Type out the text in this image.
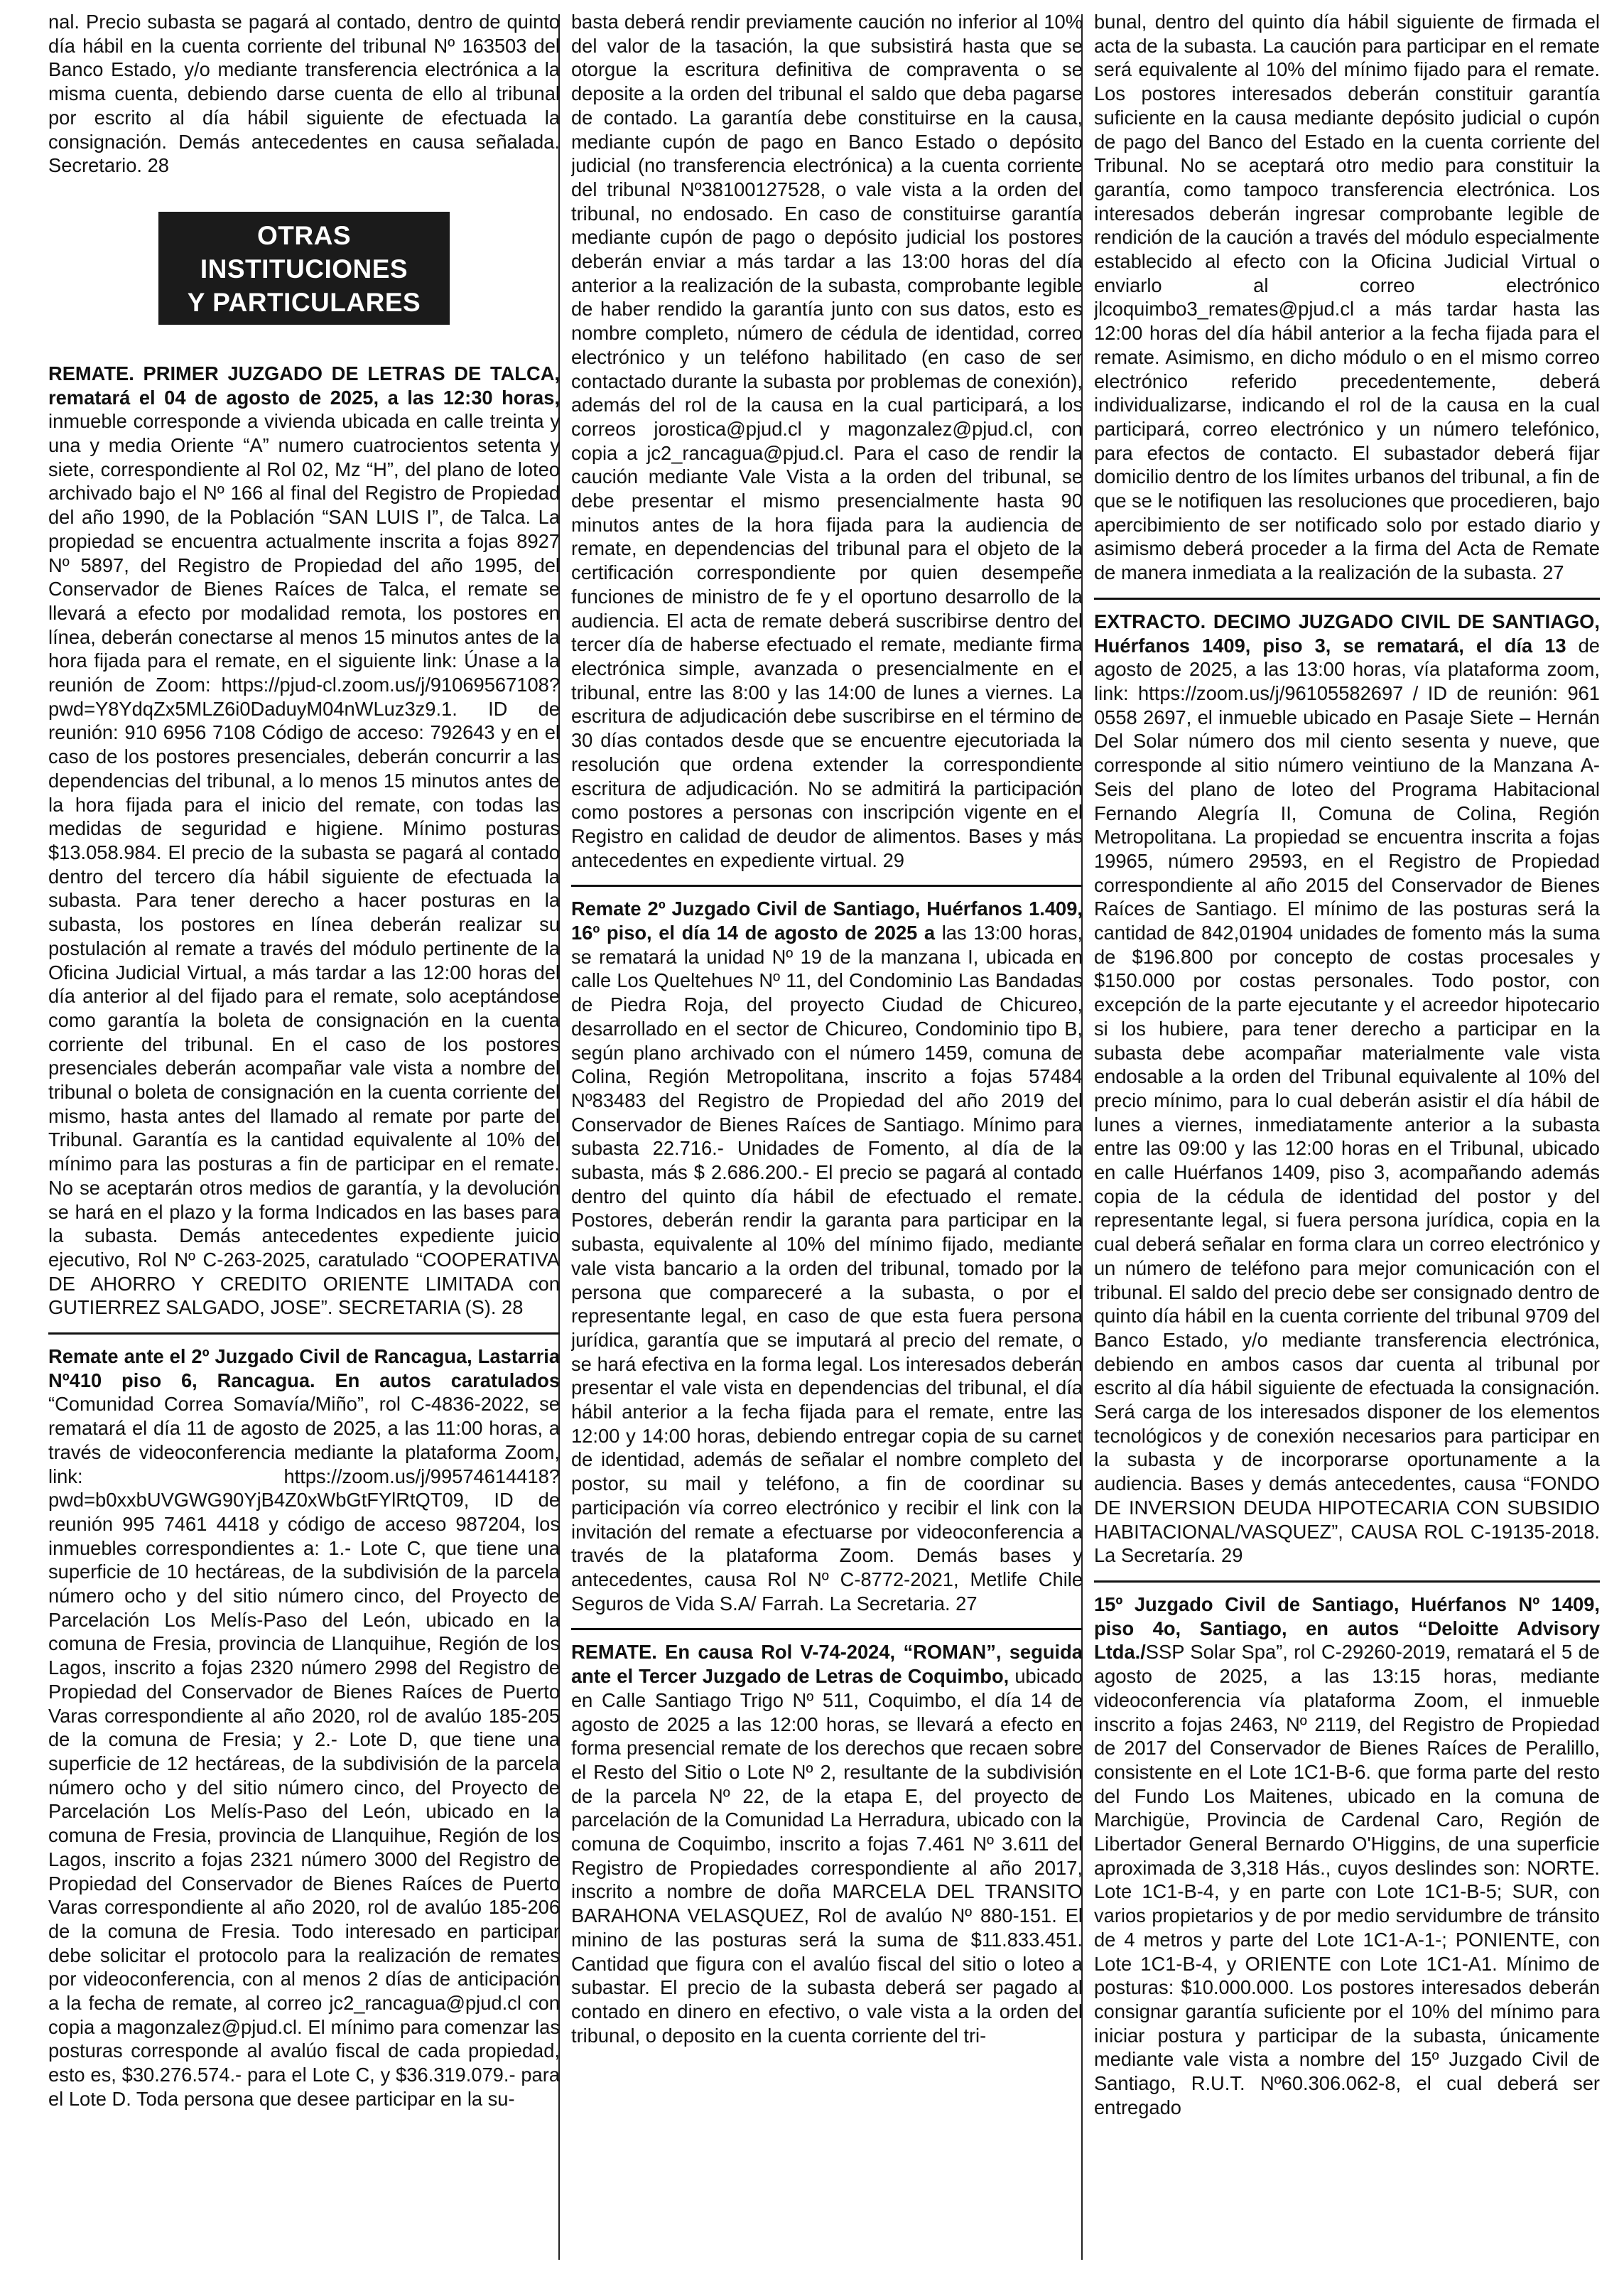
nal. Precio subasta se pagará al contado, dentro de quinto día hábil en la cuenta corriente del tribunal Nº 163503 del Banco Estado, y/o mediante transferencia electrónica a la misma cuenta, debiendo darse cuenta de ello al tribunal por escrito al día hábil siguiente de efectuada la consignación. Demás antecedentes en causa señalada. Secretario. 28

OTRAS INSTITUCIONES
Y PARTICULARES

REMATE. PRIMER JUZGADO DE LETRAS DE TALCA, rematará el 04 de agosto de 2025, a las 12:30 horas, inmueble corresponde a vivienda ubicada en calle treinta y una y media Oriente “A” numero cuatrocientos setenta y siete, correspondiente al Rol 02, Mz “H”, del plano de loteo archivado bajo el Nº 166 al final del Registro de Propiedad del año 1990, de la Población “SAN LUIS I”, de Talca. La propiedad se encuentra actualmente inscrita a fojas 8927 Nº 5897, del Registro de Propiedad del año 1995, del Conservador de Bienes Raíces de Talca, el remate se llevará a efecto por modalidad remota, los postores en línea, deberán conectarse al menos 15 minutos antes de la hora fijada para el remate, en el siguiente link: Únase a la reunión de Zoom: https://pjud-cl.zoom.us/j/91069567108?pwd=Y8YdqZx5MLZ6i0DaduyM04nWLuz3z9.1. ID de reunión: 910 6956 7108 Código de acceso: 792643 y en el caso de los postores presenciales, deberán concurrir a las dependencias del tribunal, a lo menos 15 minutos antes de la hora fijada para el inicio del remate, con todas las medidas de seguridad e higiene. Mínimo posturas $13.058.984. El precio de la subasta se pagará al contado dentro del tercero día hábil siguiente de efectuada la subasta. Para tener derecho a hacer posturas en la subasta, los postores en línea deberán realizar su postulación al remate a través del módulo pertinente de la Oficina Judicial Virtual, a más tardar a las 12:00 horas del día anterior al del fijado para el remate, solo aceptándose como garantía la boleta de consignación en la cuenta corriente del tribunal. En el caso de los postores presenciales deberán acompañar vale vista a nombre del tribunal o boleta de consignación en la cuenta corriente del mismo, hasta antes del llamado al remate por parte del Tribunal. Garantía es la cantidad equivalente al 10% del mínimo para las posturas a fin de participar en el remate. No se aceptarán otros medios de garantía, y la devolución se hará en el plazo y la forma Indicados en las bases para la subasta. Demás antecedentes expediente juicio ejecutivo, Rol Nº C-263-2025, caratulado “COOPERATIVA DE AHORRO Y CREDITO ORIENTE LIMITADA con GUTIERREZ SALGADO, JOSE”. SECRETARIA (S). 28

Remate ante el 2º Juzgado Civil de Rancagua, Lastarria Nº410 piso 6, Rancagua. En autos caratulados “Comunidad Correa Somavía/Miño”, rol C-4836-2022, se rematará el día 11 de agosto de 2025, a las 11:00 horas, a través de videoconferencia mediante la plataforma Zoom, link: https://zoom.us/j/99574614418?pwd=b0xxbUVGWG90YjB4Z0xWbGtFYlRtQT09, ID de reunión 995 7461 4418 y código de acceso 987204, los inmuebles correspondientes a: 1.- Lote C, que tiene una superficie de 10 hectáreas, de la subdivisión de la parcela número ocho y del sitio número cinco, del Proyecto de Parcelación Los Melís-Paso del León, ubicado en la comuna de Fresia, provincia de Llanquihue, Región de los Lagos, inscrito a fojas 2320 número 2998 del Registro de Propiedad del Conservador de Bienes Raíces de Puerto Varas correspondiente al año 2020, rol de avalúo 185-205 de la comuna de Fresia; y 2.- Lote D, que tiene una superficie de 12 hectáreas, de la subdivisión de la parcela número ocho y del sitio número cinco, del Proyecto de Parcelación Los Melís-Paso del León, ubicado en la comuna de Fresia, provincia de Llanquihue, Región de los Lagos, inscrito a fojas 2321 número 3000 del Registro de Propiedad del Conservador de Bienes Raíces de Puerto Varas correspondiente al año 2020, rol de avalúo 185-206 de la comuna de Fresia. Todo interesado en participar debe solicitar el protocolo para la realización de remates por videoconferencia, con al menos 2 días de anticipación a la fecha de remate, al correo jc2_rancagua@pjud.cl con copia a magonzalez@pjud.cl. El mínimo para comenzar las posturas corresponde al avalúo fiscal de cada propiedad, esto es, $30.276.574.- para el Lote C, y $36.319.079.- para el Lote D. Toda persona que desee participar en la su-

basta deberá rendir previamente caución no inferior al 10% del valor de la tasación, la que subsistirá hasta que se otorgue la escritura definitiva de compraventa o se deposite a la orden del tribunal el saldo que deba pagarse de contado. La garantía debe constituirse en la causa, mediante cupón de pago en Banco Estado o depósito judicial (no transferencia electrónica) a la cuenta corriente del tribunal Nº38100127528, o vale vista a la orden del tribunal, no endosado. En caso de constituirse garantía mediante cupón de pago o depósito judicial los postores deberán enviar a más tardar a las 13:00 horas del día anterior a la realización de la subasta, comprobante legible de haber rendido la garantía junto con sus datos, esto es nombre completo, número de cédula de identidad, correo electrónico y un teléfono habilitado (en caso de ser contactado durante la subasta por problemas de conexión), además del rol de la causa en la cual participará, a los correos jorostica@pjud.cl y magonzalez@pjud.cl, con copia a jc2_rancagua@pjud.cl. Para el caso de rendir la caución mediante Vale Vista a la orden del tribunal, se debe presentar el mismo presencialmente hasta 90 minutos antes de la hora fijada para la audiencia de remate, en dependencias del tribunal para el objeto de la certificación correspondiente por quien desempeñe funciones de ministro de fe y el oportuno desarrollo de la audiencia. El acta de remate deberá suscribirse dentro del tercer día de haberse efectuado el remate, mediante firma electrónica simple, avanzada o presencialmente en el tribunal, entre las 8:00 y las 14:00 de lunes a viernes. La escritura de adjudicación debe suscribirse en el término de 30 días contados desde que se encuentre ejecutoriada la resolución que ordena extender la correspondiente escritura de adjudicación. No se admitirá la participación como postores a personas con inscripción vigente en el Registro en calidad de deudor de alimentos. Bases y más antecedentes en expediente virtual. 29

Remate 2º Juzgado Civil de Santiago, Huérfanos 1.409, 16º piso, el día 14 de agosto de 2025 a las 13:00 horas, se rematará la unidad Nº 19 de la manzana I, ubicada en calle Los Queltehues Nº 11, del Condominio Las Bandadas de Piedra Roja, del proyecto Ciudad de Chicureo, desarrollado en el sector de Chicureo, Condominio tipo B, según plano archivado con el número 1459, comuna de Colina, Región Metropolitana, inscrito a fojas 57484 Nº83483 del Registro de Propiedad del año 2019 del Conservador de Bienes Raíces de Santiago. Mínimo para subasta 22.716.- Unidades de Fomento, al día de la subasta, más $ 2.686.200.- El precio se pagará al contado dentro del quinto día hábil de efectuado el remate. Postores, deberán rendir la garanta para participar en la subasta, equivalente al 10% del mínimo fijado, mediante vale vista bancario a la orden del tribunal, tomado por la persona que compareceré a la subasta, o por el representante legal, en caso de que esta fuera persona jurídica, garantía que se imputará al precio del remate, o se hará efectiva en la forma legal. Los interesados deberán presentar el vale vista en dependencias del tribunal, el día hábil anterior a la fecha fijada para el remate, entre las 12:00 y 14:00 horas, debiendo entregar copia de su carnet de identidad, además de señalar el nombre completo del postor, su mail y teléfono, a fin de coordinar su participación vía correo electrónico y recibir el link con la invitación del remate a efectuarse por videoconferencia a través de la plataforma Zoom. Demás bases y antecedentes, causa Rol Nº C-8772-2021, Metlife Chile Seguros de Vida S.A/ Farrah. La Secretaria. 27

REMATE. En causa Rol V-74-2024, “ROMAN”, seguida ante el Tercer Juzgado de Letras de Coquimbo, ubicado en Calle Santiago Trigo Nº 511, Coquimbo, el día 14 de agosto de 2025 a las 12:00 horas, se llevará a efecto en forma presencial remate de los derechos que recaen sobre el Resto del Sitio o Lote Nº 2, resultante de la subdivisión de la parcela Nº 22, de la etapa E, del proyecto de parcelación de la Comunidad La Herradura, ubicado con la comuna de Coquimbo, inscrito a fojas 7.461 Nº 3.611 del Registro de Propiedades correspondiente al año 2017, inscrito a nombre de doña MARCELA DEL TRANSITO BARAHONA VELASQUEZ, Rol de avalúo Nº 880-151. El minino de las posturas será la suma de $11.833.451. Cantidad que figura con el avalúo fiscal del sitio o loteo a subastar. El precio de la subasta deberá ser pagado al contado en dinero en efectivo, o vale vista a la orden del tribunal, o deposito en la cuenta corriente del tri-

bunal, dentro del quinto día hábil siguiente de firmada el acta de la subasta. La caución para participar en el remate será equivalente al 10% del mínimo fijado para el remate. Los postores interesados deberán constituir garantía suficiente en la causa mediante depósito judicial o cupón de pago del Banco del Estado en la cuenta corriente del Tribunal. No se aceptará otro medio para constituir la garantía, como tampoco transferencia electrónica. Los interesados deberán ingresar comprobante legible de rendición de la caución a través del módulo especialmente establecido al efecto con la Oficina Judicial Virtual o enviarlo al correo electrónico jlcoquimbo3_remates@pjud.cl a más tardar hasta las 12:00 horas del día hábil anterior a la fecha fijada para el remate. Asimismo, en dicho módulo o en el mismo correo electrónico referido precedentemente, deberá individualizarse, indicando el rol de la causa en la cual participará, correo electrónico y un número telefónico, para efectos de contacto. El subastador deberá fijar domicilio dentro de los límites urbanos del tribunal, a fin de que se le notifiquen las resoluciones que procedieren, bajo apercibimiento de ser notificado solo por estado diario y asimismo deberá proceder a la firma del Acta de Remate de manera inmediata a la realización de la subasta. 27

EXTRACTO. DECIMO JUZGADO CIVIL DE SANTIAGO, Huérfanos 1409, piso 3, se rematará, el día 13 de agosto de 2025, a las 13:00 horas, vía plataforma zoom, link: https://zoom.us/j/96105582697 / ID de reunión: 961 0558 2697, el inmueble ubicado en Pasaje Siete – Hernán Del Solar número dos mil ciento sesenta y nueve, que corresponde al sitio número veintiuno de la Manzana A-Seis del plano de loteo del Programa Habitacional Fernando Alegría II, Comuna de Colina, Región Metropolitana. La propiedad se encuentra inscrita a fojas 19965, número 29593, en el Registro de Propiedad correspondiente al año 2015 del Conservador de Bienes Raíces de Santiago. El mínimo de las posturas será la cantidad de 842,01904 unidades de fomento más la suma de $196.800 por concepto de costas procesales y $150.000 por costas personales. Todo postor, con excepción de la parte ejecutante y el acreedor hipotecario si los hubiere, para tener derecho a participar en la subasta debe acompañar materialmente vale vista endosable a la orden del Tribunal equivalente al 10% del precio mínimo, para lo cual deberán asistir el día hábil de lunes a viernes, inmediatamente anterior a la subasta entre las 09:00 y las 12:00 horas en el Tribunal, ubicado en calle Huérfanos 1409, piso 3, acompañando además copia de la cédula de identidad del postor y del representante legal, si fuera persona jurídica, copia en la cual deberá señalar en forma clara un correo electrónico y un número de teléfono para mejor comunicación con el tribunal. El saldo del precio debe ser consignado dentro de quinto día hábil en la cuenta corriente del tribunal 9709 del Banco Estado, y/o mediante transferencia electrónica, debiendo en ambos casos dar cuenta al tribunal por escrito al día hábil siguiente de efectuada la consignación. Será carga de los interesados disponer de los elementos tecnológicos y de conexión necesarios para participar en la subasta y de incorporarse oportunamente a la audiencia. Bases y demás antecedentes, causa “FONDO DE INVERSION DEUDA HIPOTECARIA CON SUBSIDIO HABITACIONAL/VASQUEZ”, CAUSA ROL C-19135-2018. La Secretaría. 29

15º Juzgado Civil de Santiago, Huérfanos Nº 1409, piso 4o, Santiago, en autos “Deloitte Advisory Ltda./SSP Solar Spa”, rol C-29260-2019, rematará el 5 de agosto de 2025, a las 13:15 horas, mediante videoconferencia vía plataforma Zoom, el inmueble inscrito a fojas 2463, Nº 2119, del Registro de Propiedad de 2017 del Conservador de Bienes Raíces de Peralillo, consistente en el Lote 1C1-B-6. que forma parte del resto del Fundo Los Maitenes, ubicado en la comuna de Marchigüe, Provincia de Cardenal Caro, Región de Libertador General Bernardo O'Higgins, de una superficie aproximada de 3,318 Hás., cuyos deslindes son: NORTE. Lote 1C1-B-4, y en parte con Lote 1C1-B-5; SUR, con varios propietarios y de por medio servidumbre de tránsito de 4 metros y parte del Lote 1C1-A-1-; PONIENTE, con Lote 1C1-B-4, y ORIENTE con Lote 1C1-A1. Mínimo de posturas: $10.000.000. Los postores interesados deberán consignar garantía suficiente por el 10% del mínimo para iniciar postura y participar de la subasta, únicamente mediante vale vista a nombre del 15º Juzgado Civil de Santiago, R.U.T. Nº60.306.062-8, el cual deberá ser entregado
